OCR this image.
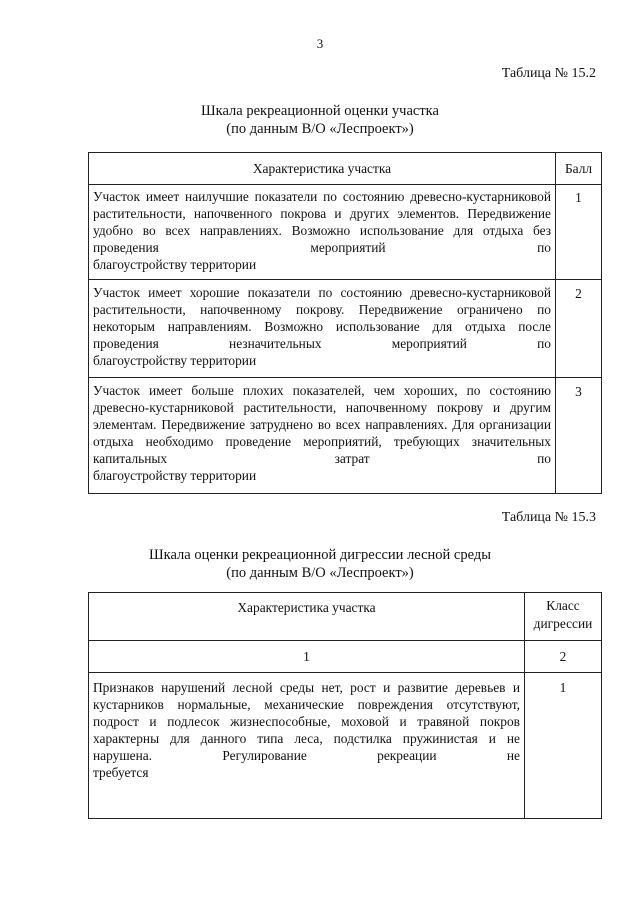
3
Таблица № 15.2
Шкала рекреационной оценки участка
(по данным В/О «Леспроект»)
Характеристика участка	Балл

Участок имеет наилучшие показатели по состоянию древесно-кустарниковой растительности, напочвенного покрова и других элементов. Передвижение удобно во всех направлениях. Возможно использование для отдыха без проведения мероприятий по
благоустройству территории	1

Участок имеет хорошие показатели по состоянию древесно-кустарниковой растительности, напочвенному покрову. Передвижение ограничено по некоторым направлениям. Возможно использование для отдыха после проведения незначительных мероприятий по
благоустройству территории	2

Участок имеет больше плохих показателей, чем хороших, по состоянию древесно-кустарниковой растительности, напочвенному покрову и другим элементам. Передвижение затруднено во всех направлениях. Для организации отдыха необходимо проведение мероприятий, требующих значительных капитальных затрат по
благоустройству территории	3
Таблица № 15.3
Шкала оценки рекреационной дигрессии лесной среды
(по данным В/О «Леспроект»)
Характеристика участка	Класс дигрессии
1	2

Признаков нарушений лесной среды нет, рост и развитие деревьев и кустарников нормальные, механические повреждения отсутствуют, подрост и подлесок жизнеспособные, моховой и травяной покров характерны для данного типа леса, подстилка пружинистая и не нарушена. Регулирование рекреации не
требуется	1
